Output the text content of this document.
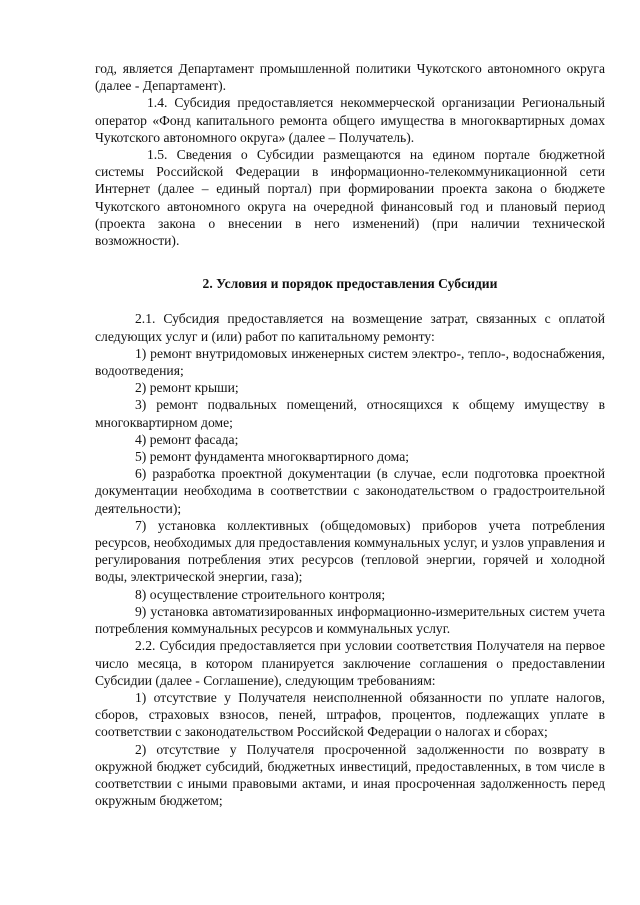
год, является Департамент промышленной политики Чукотского автономного округа (далее - Департамент).

1.4. Субсидия предоставляется некоммерческой организации Региональный оператор «Фонд капитального ремонта общего имущества в многоквартирных домах Чукотского автономного округа» (далее – Получатель).

1.5. Сведения о Субсидии размещаются на едином портале бюджетной системы Российской Федерации в информационно-телекоммуникационной сети Интернет (далее – единый портал) при формировании проекта закона о бюджете Чукотского автономного округа на очередной финансовый год и плановый период (проекта закона о внесении в него изменений) (при наличии технической возможности).

2. Условия и порядок предоставления Субсидии

2.1. Субсидия предоставляется на возмещение затрат, связанных с оплатой следующих услуг и (или) работ по капитальному ремонту:

1) ремонт внутридомовых инженерных систем электро-, тепло-, водоснабжения, водоотведения;

2) ремонт крыши;

3) ремонт подвальных помещений, относящихся к общему имуществу в многоквартирном доме;

4) ремонт фасада;

5) ремонт фундамента многоквартирного дома;

6) разработка проектной документации (в случае, если подготовка проектной документации необходима в соответствии с законодательством о градостроительной деятельности);

7) установка коллективных (общедомовых) приборов учета потребления ресурсов, необходимых для предоставления коммунальных услуг, и узлов управления и регулирования потребления этих ресурсов (тепловой энергии, горячей и холодной воды, электрической энергии, газа);

8) осуществление строительного контроля;

9) установка автоматизированных информационно-измерительных систем учета потребления коммунальных ресурсов и коммунальных услуг.

2.2. Субсидия предоставляется при условии соответствия Получателя на первое число месяца, в котором планируется заключение соглашения о предоставлении Субсидии (далее - Соглашение), следующим требованиям:

1) отсутствие у Получателя неисполненной обязанности по уплате налогов, сборов, страховых взносов, пеней, штрафов, процентов, подлежащих уплате в соответствии с законодательством Российской Федерации о налогах и сборах;

2) отсутствие у Получателя просроченной задолженности по возврату в окружной бюджет субсидий, бюджетных инвестиций, предоставленных, в том числе в соответствии с иными правовыми актами, и иная просроченная задолженность перед окружным бюджетом;
